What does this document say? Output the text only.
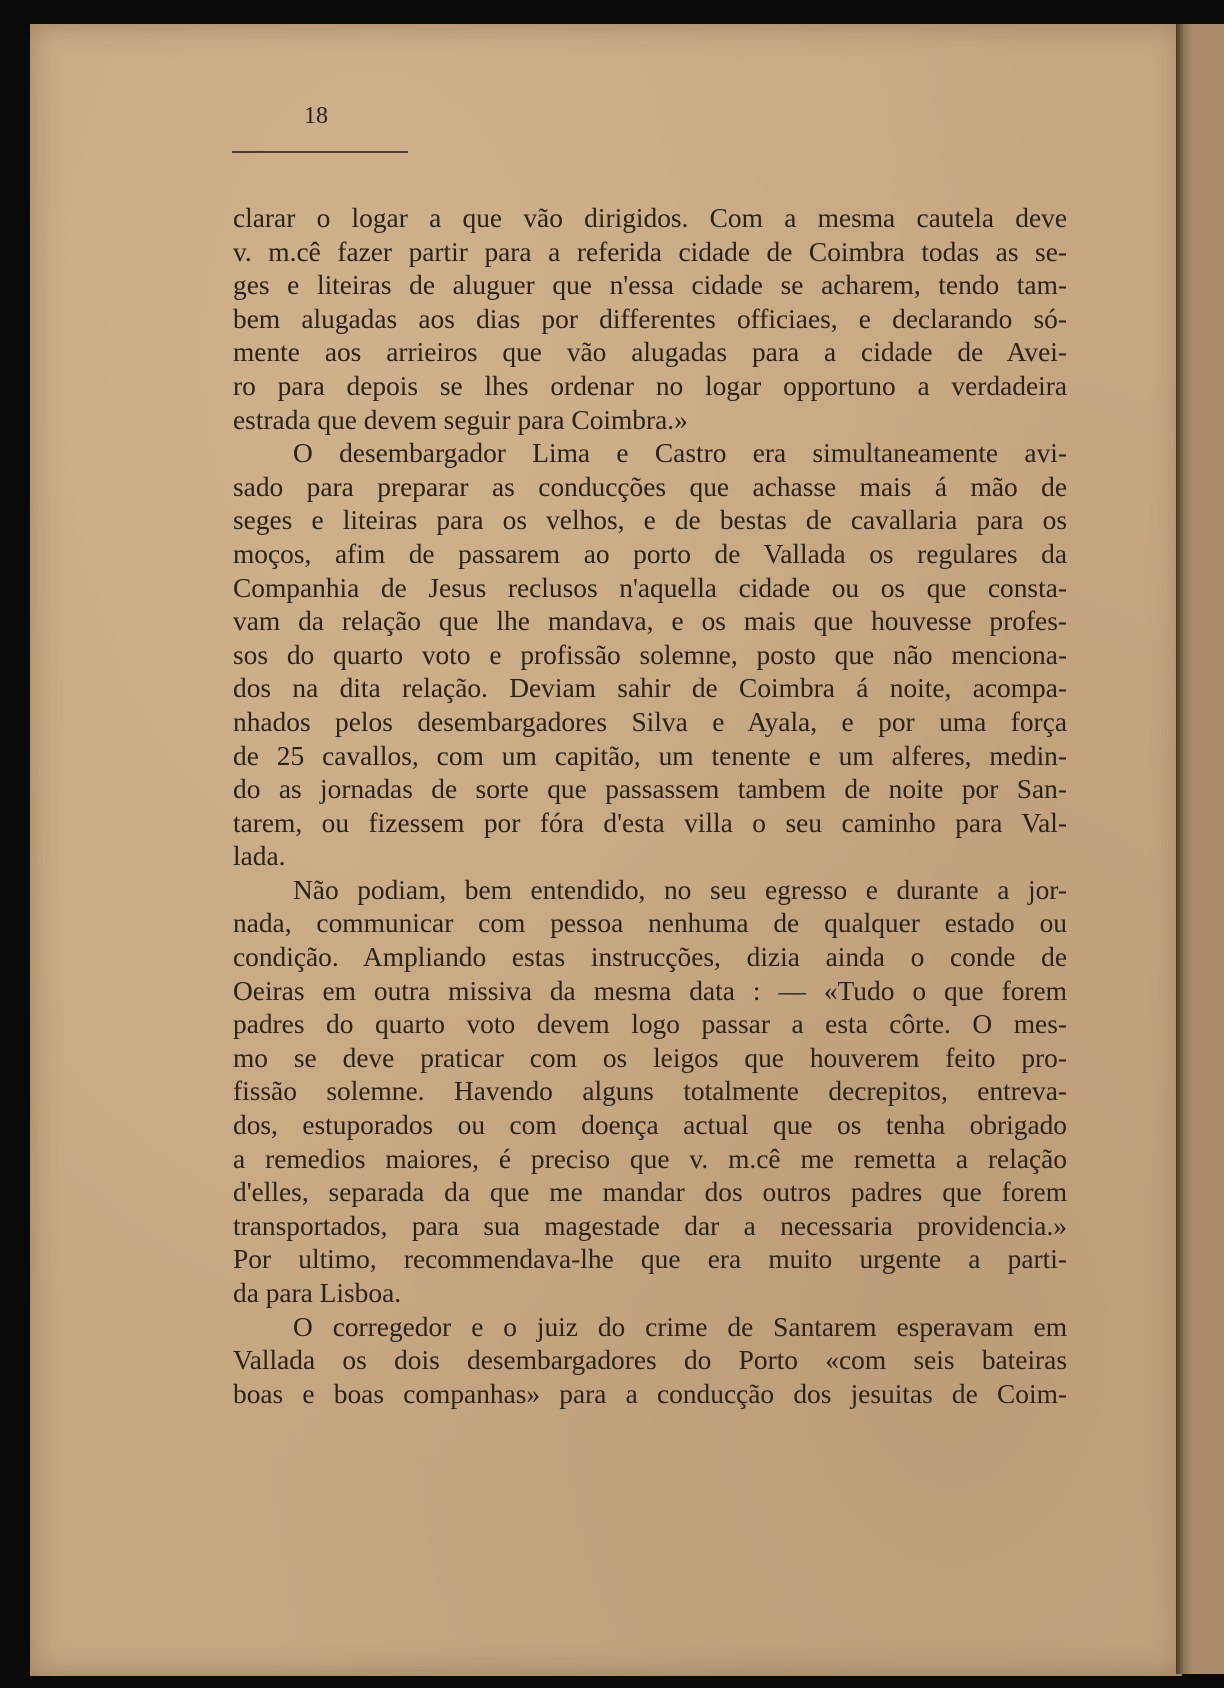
18

clarar o logar a que vão dirigidos. Com a mesma cautela deve

v. m.cê fazer partir para a referida cidade de Coimbra todas as se-

ges e liteiras de aluguer que n'essa cidade se acharem, tendo tam-

bem alugadas aos dias por differentes officiaes, e declarando só-

mente aos arrieiros que vão alugadas para a cidade de Avei-

ro para depois se lhes ordenar no logar opportuno a verdadeira

estrada que devem seguir para Coimbra.»

O desembargador Lima e Castro era simultaneamente avi-

sado para preparar as conducções que achasse mais á mão de

seges e liteiras para os velhos, e de bestas de cavallaria para os

moços, afim de passarem ao porto de Vallada os regulares da

Companhia de Jesus reclusos n'aquella cidade ou os que consta-

vam da relação que lhe mandava, e os mais que houvesse profes-

sos do quarto voto e profissão solemne, posto que não menciona-

dos na dita relação. Deviam sahir de Coimbra á noite, acompa-

nhados pelos desembargadores Silva e Ayala, e por uma força

de 25 cavallos, com um capitão, um tenente e um alferes, medin-

do as jornadas de sorte que passassem tambem de noite por San-

tarem, ou fizessem por fóra d'esta villa o seu caminho para Val-

lada.

Não podiam, bem entendido, no seu egresso e durante a jor-

nada, communicar com pessoa nenhuma de qualquer estado ou

condição. Ampliando estas instrucções, dizia ainda o conde de

Oeiras em outra missiva da mesma data : — «Tudo o que forem

padres do quarto voto devem logo passar a esta côrte. O mes-

mo se deve praticar com os leigos que houverem feito pro-

fissão solemne. Havendo alguns totalmente decrepitos, entreva-

dos, estuporados ou com doença actual que os tenha obrigado

a remedios maiores, é preciso que v. m.cê me remetta a relação

d'elles, separada da que me mandar dos outros padres que forem

transportados, para sua magestade dar a necessaria providencia.»

Por ultimo, recommendava-lhe que era muito urgente a parti-

da para Lisboa.

O corregedor e o juiz do crime de Santarem esperavam em

Vallada os dois desembargadores do Porto «com seis bateiras

boas e boas companhas» para a conducção dos jesuitas de Coim-
